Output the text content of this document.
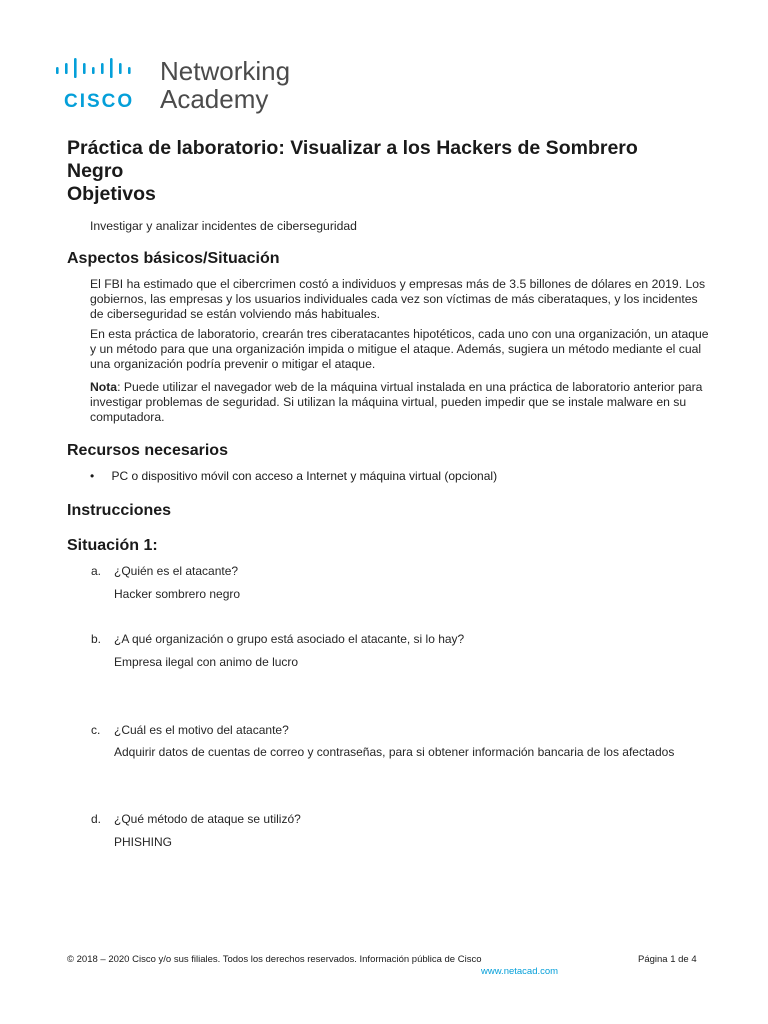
CISCO
Networking
Academy
Práctica de laboratorio: Visualizar a los Hackers de Sombrero
Negro
Objetivos
Investigar y analizar incidentes de ciberseguridad
Aspectos básicos/Situación
El FBI ha estimado que el cibercrimen costó a individuos y empresas más de 3.5 billones de dólares en 2019. Los gobiernos, las empresas y los usuarios individuales cada vez son víctimas de más ciberataques, y los incidentes de ciberseguridad se están volviendo más habituales.
En esta práctica de laboratorio, crearán tres ciberatacantes hipotéticos, cada uno con una organización, un ataque y un método para que una organización impida o mitigue el ataque. Además, sugiera un método mediante el cual una organización podría prevenir o mitigar el ataque.
Nota: Puede utilizar el navegador web de la máquina virtual instalada en una práctica de laboratorio anterior para investigar problemas de seguridad. Si utilizan la máquina virtual, pueden impedir que se instale malware en su computadora.
Recursos necesarios
• PC o dispositivo móvil con acceso a Internet y máquina virtual (opcional)
Instrucciones
Situación 1:
a. ¿Quién es el atacante?
Hacker sombrero negro
b. ¿A qué organización o grupo está asociado el atacante, si lo hay?
Empresa ilegal con animo de lucro
c. ¿Cuál es el motivo del atacante?
Adquirir datos de cuentas de correo y contraseñas, para si obtener información bancaria de los afectados
d. ¿Qué método de ataque se utilizó?
PHISHING
© 2018 – 2020 Cisco y/o sus filiales. Todos los derechos reservados. Información pública de Cisco	Página 1 de 4
www.netacad.com
